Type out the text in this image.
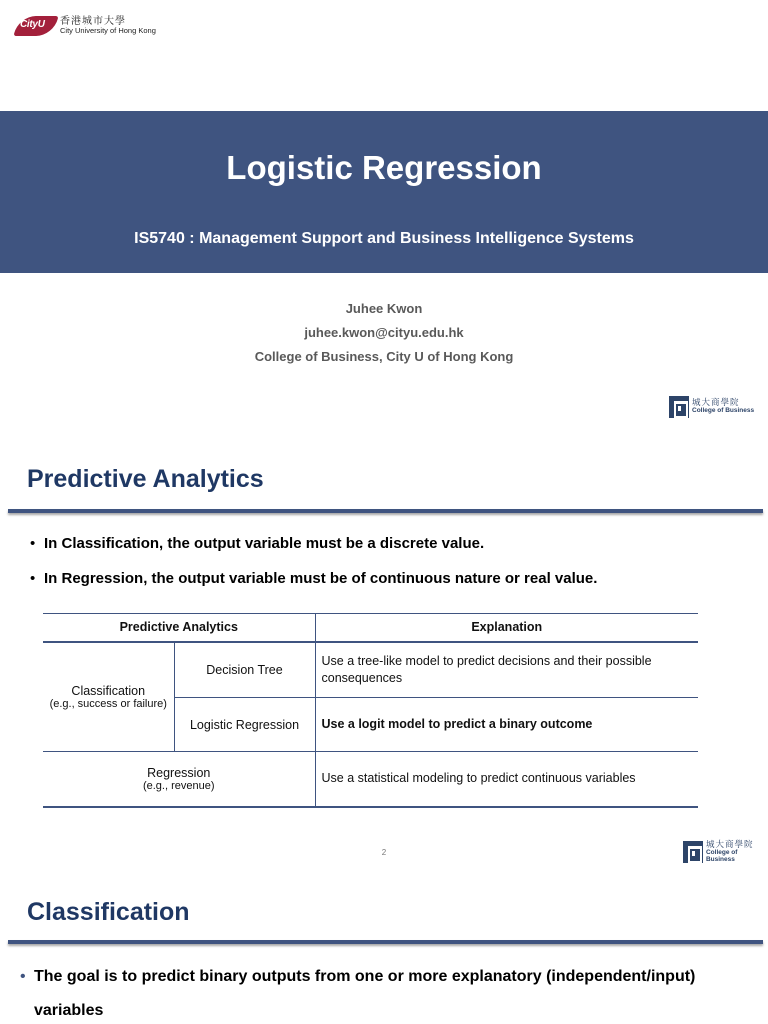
CityU 香港城市大學
City University of Hong Kong
Logistic Regression
IS5740 : Management Support and Business Intelligence Systems
Juhee Kwon
juhee.kwon@cityu.edu.hk
College of Business, City U of Hong Kong
城大商學院
College of Business
Predictive Analytics
• In Classification, the output variable must be a discrete value.
• In Regression, the output variable must be of continuous nature or real value.
Predictive Analytics		Explanation
Classification
(e.g., success or failure)	Decision Tree	Use a tree-like model to predict decisions and their possible consequences
	Logistic Regression	Use a logit model to predict a binary outcome
Regression
(e.g., revenue)		Use a statistical modeling to predict continuous variables
2
城大商學院
College of Business
Classification
• The goal is to predict binary outputs from one or more explanatory (independent/input) variables
